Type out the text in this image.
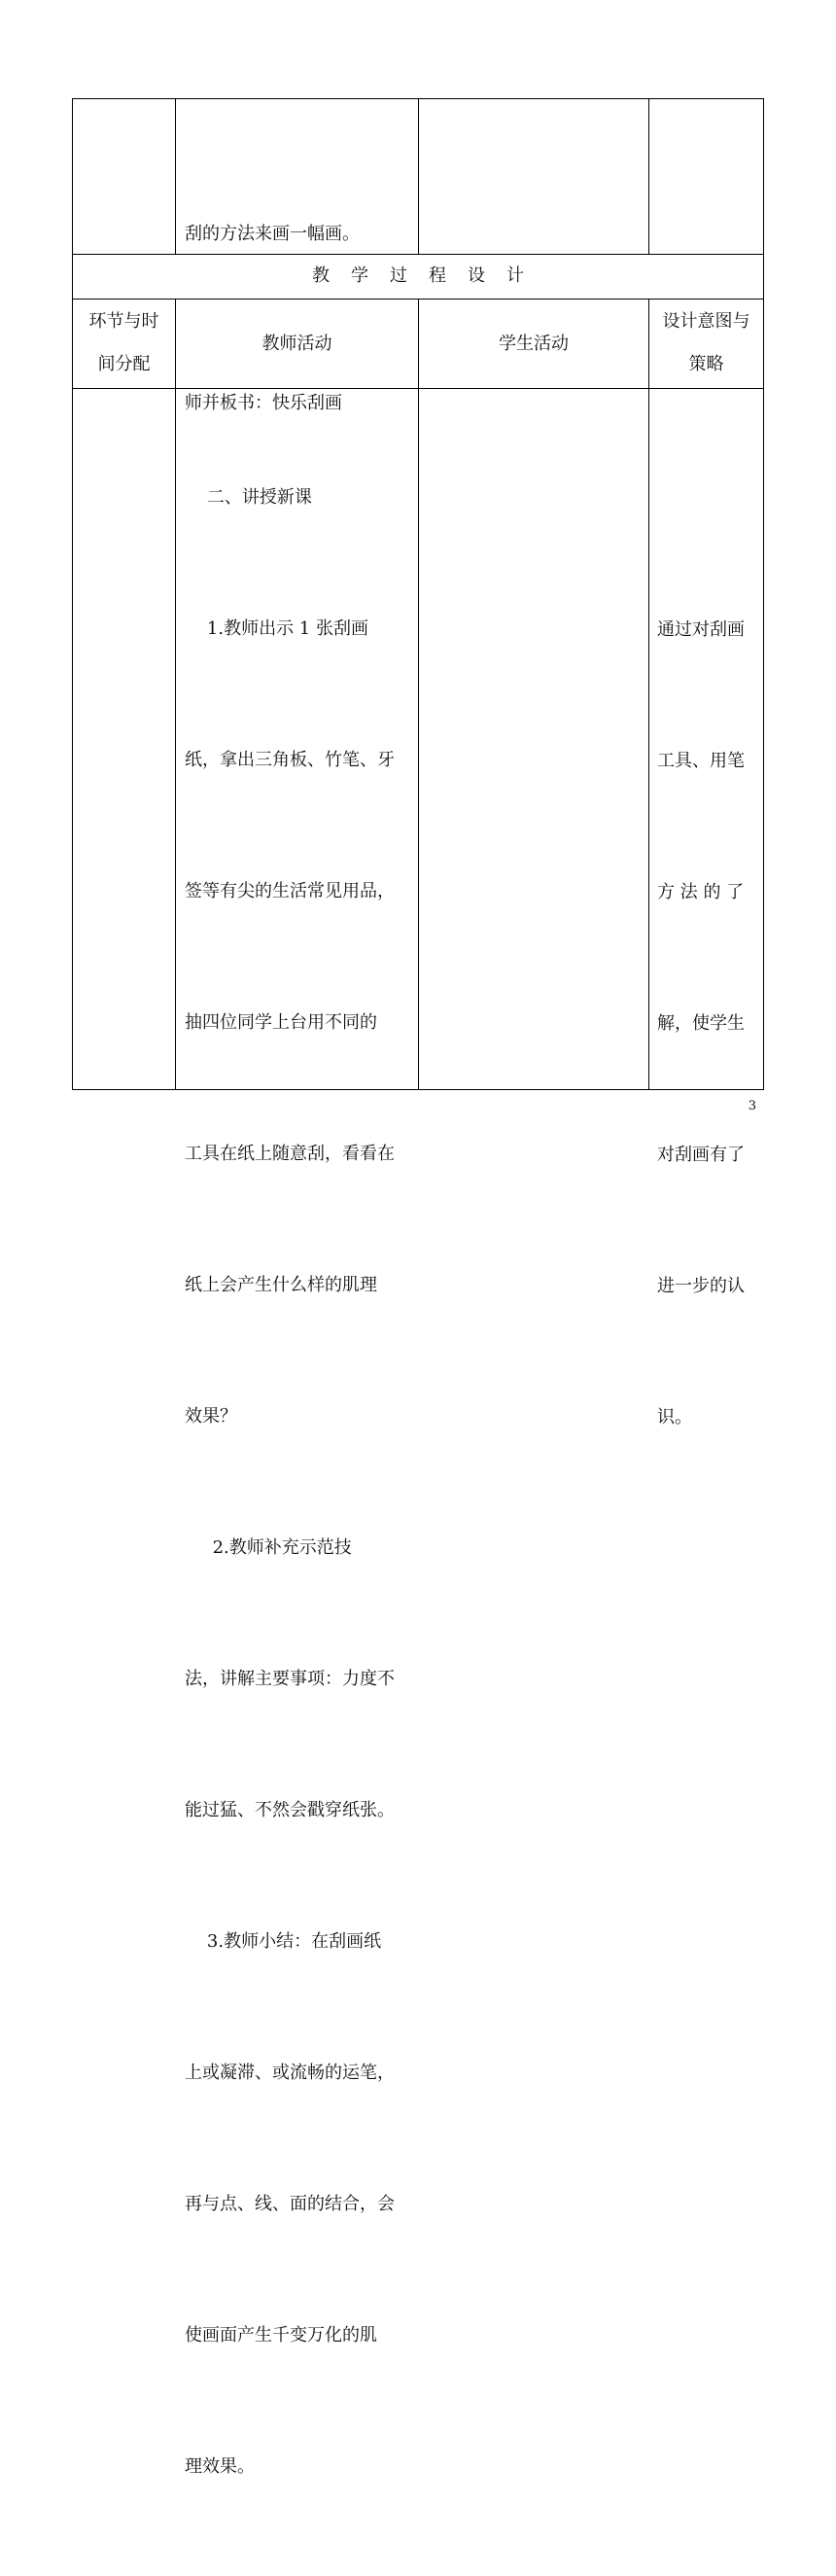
刮的方法来画一幅画。

师并板书：快乐刮画

教 学 过 程 设 计
环节与时
间分配
教师活动	学生活动
设计意图与
策略

二、讲授新课

1.教师出示 1 张刮画

纸，拿出三角板、竹笔、牙

签等有尖的生活常见用品，

抽四位同学上台用不同的

工具在纸上随意刮，看看在

纸上会产生什么样的肌理

效果？

2.教师补充示范技

法，讲解主要事项：力度不

能过猛、不然会戳穿纸张。

3.教师小结：在刮画纸

上或凝滞、或流畅的运笔，

再与点、线、面的结合，会

使画面产生千变万化的肌

理效果。

通过对刮画

工具、用笔

方 法 的 了

解，使学生

对刮画有了

进一步的认

识。

3
